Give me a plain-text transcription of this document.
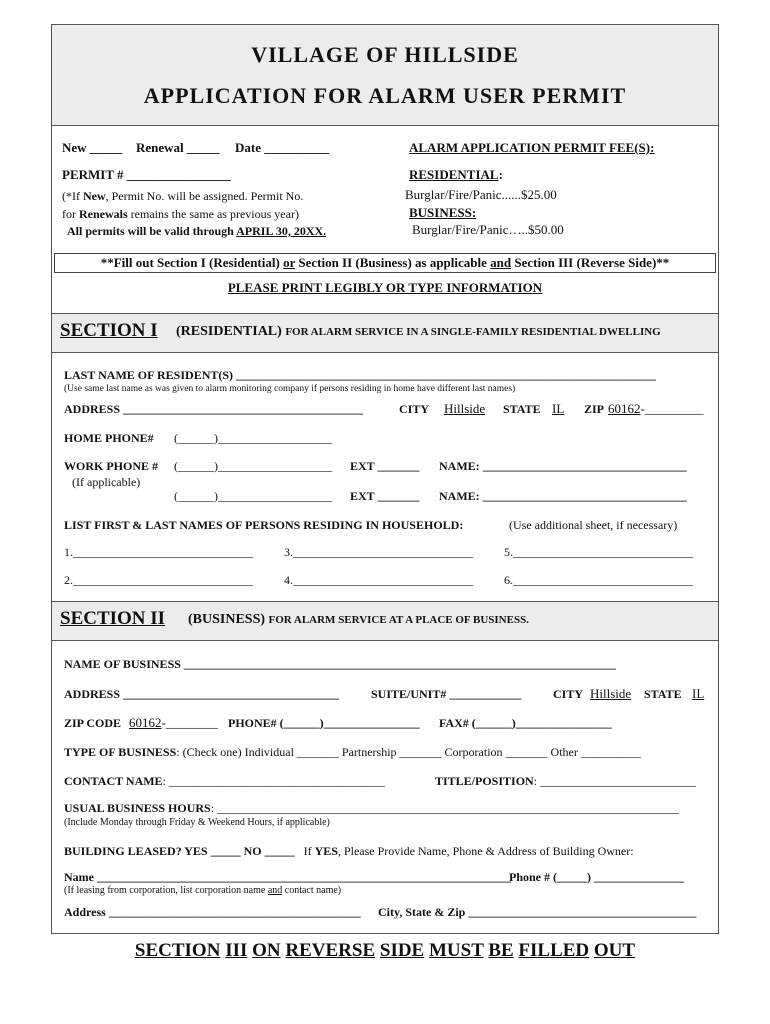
VILLAGE OF HILLSIDE
APPLICATION FOR ALARM USER PERMIT
New _____ Renewal _____ Date __________	ALARM APPLICATION PERMIT FEE(S):
PERMIT # ________________	RESIDENTIAL:
(*If New, Permit No. will be assigned. Permit No.	Burglar/Fire/Panic......$25.00
for Renewals remains the same as previous year)	BUSINESS:
All permits will be valid through APRIL 30, 20XX.	Burglar/Fire/Panic…..$50.00
**Fill out Section I (Residential) or Section II (Business) as applicable and Section III (Reverse Side)**
PLEASE PRINT LEGIBLY OR TYPE INFORMATION
SECTION I (RESIDENTIAL) FOR ALARM SERVICE IN A SINGLE-FAMILY RESIDENTIAL DWELLING
LAST NAME OF RESIDENT(S) ______________________________________________________________________
(Use same last name as was given to alarm monitoring company if persons residing in home have different last names)
ADDRESS ________________________________________	CITY Hillside STATE IL ZIP 60162-_________
HOME PHONE# (______)___________________
WORK PHONE # (______)___________________ EXT _______ NAME: __________________________________
(If applicable)
(______)___________________ EXT _______ NAME: __________________________________
LIST FIRST & LAST NAMES OF PERSONS RESIDING IN HOUSEHOLD:	(Use additional sheet, if necessary)
1.______________________________	3.______________________________	5.______________________________
2.______________________________	4.______________________________	6.______________________________
SECTION II (BUSINESS) FOR ALARM SERVICE AT A PLACE OF BUSINESS.
NAME OF BUSINESS ________________________________________________________________________
ADDRESS ____________________________________	SUITE/UNIT# ____________	CITY Hillside STATE IL
ZIP CODE 60162-________ PHONE# (______)________________ FAX# (______)________________
TYPE OF BUSINESS: (Check one) Individual _______ Partnership _______ Corporation _______ Other __________
CONTACT NAME: ____________________________________	TITLE/POSITION: __________________________
USUAL BUSINESS HOURS: _____________________________________________________________________________
(Include Monday through Friday & Weekend Hours, if applicable)
BUILDING LEASED? YES _____ NO _____ If YES, Please Provide Name, Phone & Address of Building Owner:
Name _____________________________________________________________________
Phone # (_____) _______________
(If leasing from corporation, list corporation name and contact name)
Address __________________________________________ City, State & Zip ______________________________________
SECTION III ON REVERSE SIDE MUST BE FILLED OUT
